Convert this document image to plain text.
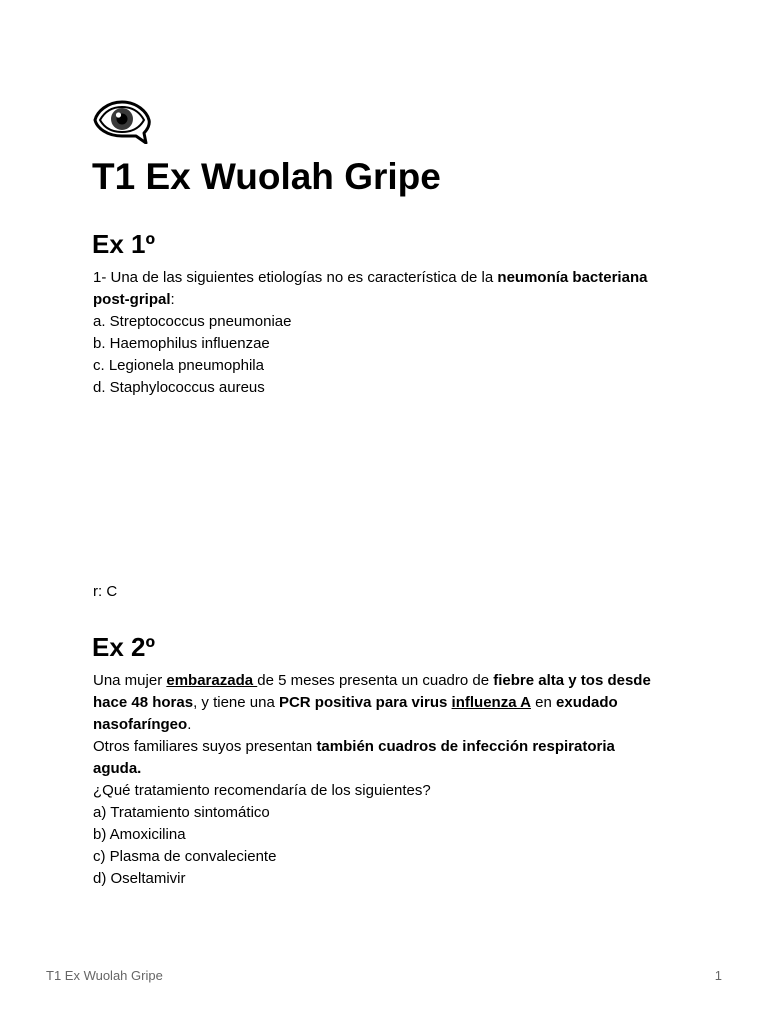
T1 Ex Wuolah Gripe
Ex 1º
1- Una de las siguientes etiologías no es característica de la neumonía bacteriana
post-gripal:
a. Streptococcus pneumoniae
b. Haemophilus influenzae
c. Legionela pneumophila
d. Staphylococcus aureus
r: C
Ex 2º
Una mujer embarazada de 5 meses presenta un cuadro de fiebre alta y tos desde
hace 48 horas, y tiene una PCR positiva para virus influenza A en exudado
nasofaríngeo.
Otros familiares suyos presentan también cuadros de infección respiratoria
aguda.
¿Qué tratamiento recomendaría de los siguientes?
a) Tratamiento sintomático
b) Amoxicilina
c) Plasma de convaleciente
d) Oseltamivir
T1 Ex Wuolah Gripe	1
